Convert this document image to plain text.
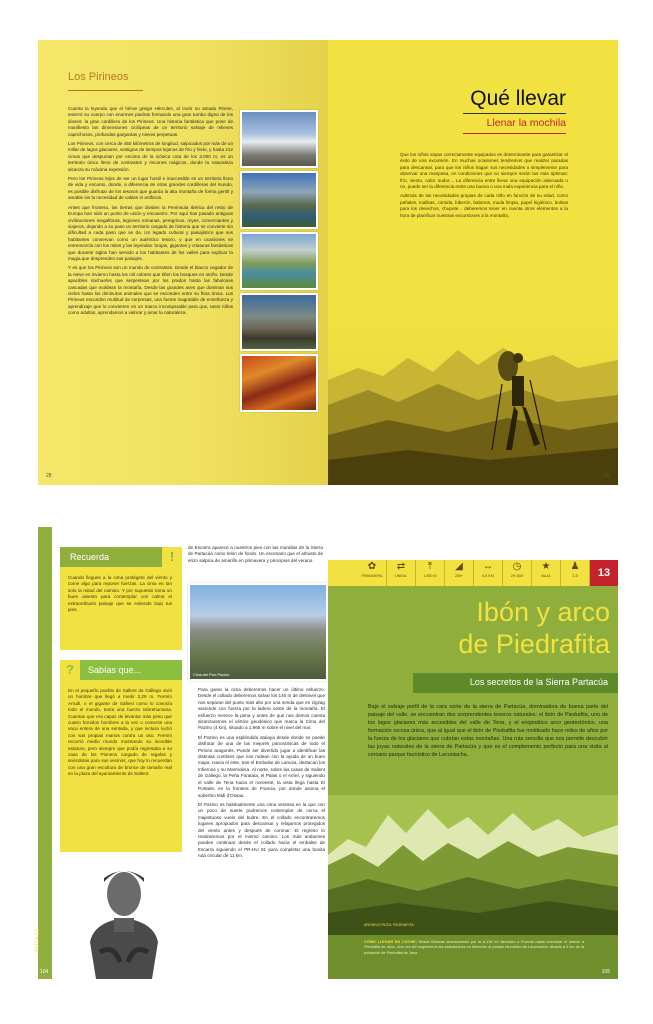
Los Pirineos

Cuenta la leyenda que el héroe griego Hércules, al morir su amada Pirene, enterró su cuerpo con enormes piedras formando una gran tumba digna de los dioses: la gran cordillera de los Pirineos. Una historia fantástica que pone de manifiesto las dimensiones ciclópeas de un territorio salvaje de relieves caprichosos, profundas gargantas y nieves perpetuas.

Los Pirineos, con cerca de 450 kilómetros de longitud, salpicados por más de un millar de lagos glaciares, vestigios de tiempos lejanos de frío y hielo, y hasta 212 cimas que despuntan por encima de la icónica cota de los 3.000 m, es un territorio único lleno de contrastes y rincones mágicos, donde la naturaleza alcanza su máxima expresión.

Pero los Pirineos lejos de ser un lugar hostil e inaccesible es un territorio lleno de vida y encanto, donde, a diferencia de otras grandes cordilleras del mundo, es posible disfrutar de los tesoros que guarda la alta montaña de forma gentil y amable sin la necesidad de cables ni artificios.

Antes que frontera, las tierras que dividen la Península Ibérica del resto de Europa han sido un punto de unión y encuentro. Por aquí han pasado antiguas civilizaciones megalíticas, legiones romanas, peregrinos, reyes, comerciantes y viajeros, dejando a su paso un territorio cargado de historia que se convierte sin dificultad a cada paso que se da. Un legado cultural y paisajístico que sus habitantes conservan como un auténtico tesoro, y que en ocasiones se entremezcla con los mitos y las leyendas: brujas, gigantes y criaturas fantásticas que durante siglos han servido a los habitantes de los valles para explicar la magia que desprenden sus paisajes.

Y es que los Pirineos son un mundo de contrastes. Desde el blanco cegador de la nieve en invierno hasta los mil colores que tiñen los bosques en otoño. Desde apacibles riachuelos que serpentean por los prados hasta las fabulosas cascadas que moldean la montaña. Desde las grandes aves que dominan sus cielos hasta los diminutos animales que se esconden entre su flora única. Los Pirineos esconden multitud de sorpresas, una fuente inagotable de enseñanza y aprendizaje que lo convierten en un marco incomparable para que, tanto niños como adultos, aprendamos a valorar y amar la naturaleza.

28
Qué llevar
Llenar la mochila

Que los niños vayan correctamente equipados es determinante para garantizar el éxito de una excursión. En muchas ocasiones tendremos que realizar paradas para descansar, para que los niños hagan sus necesidades o simplemente para observar una mariposa, en condiciones que no siempre serán las más óptimas: frío, viento, calor, sudor.... La diferencia entre llevar una equipación adecuada o no, puede ser la diferencia entre una buena o una mala experiencia para el niño.

Además de las necesidades propias de cada niño en función de su edad, como pañales, toallitas, comida, biberón, baberos, muda limpia, papel higiénico, bolsas para los desechos, chupete... deberemos tener en cuenta otros elementos a la hora de planificar nuestras excursiones a la montaña.

29
RUTA 12
Recuerda	!

Cuando llegues a la cima protégete del viento y come algo para reponer fuerzas. La cima es tan solo la mitad del camino. Y por supuesto toma un buen asiento para contemplar con calma el extraordinario paisaje que se extiende bajo tus pies.

?	Sabías que...

En el pequeño pueblo de Sallent de Gállego vivió un hombre que llegó a medir 2,29 m. Fermín Arrudi, o el gigante de Sallent como lo conocía todo el mundo, tenía una fuerza sobrehumana. Cuentan que era capaz de levantar más peso que cuatro fornidos hombres a la vez o comerse una vaca entera de una sentada, y que incluso luchó con sus propias manos contra un oso. Fermín recorrió medio mundo mostrando su increíble estatura, pero siempre que podía regresaba a su casa de los Pirineos cargado de regalos y anécdotas para sus vecinos, que hoy lo recuerdan con una gran escultura de bronce de tamaño real en la plaza del ayuntamiento de Sallent.

de Escarra aparece a nuestros pies con las murallas de la Sierra de Partacúa como telón de fondo. Un escenario que el arbusto de erizo salpica de amarillo en primavera y principios del verano.

Cima del Pico Pazino

Para ganar la cima deberemos hacer un último esfuerzo. Desde el collado deberemos salvar los 140 m de desnivel que nos separan del punto más alto por una senda que en zigzag asciende con fuerza por la ladera oeste de la montaña. El esfuerzo merece la pena y antes de que nos demos cuenta alcanzaremos el vértice geodésico que marca la Cima del Pazino (4 km), situado a 1.965 m sobre el nivel del mar.

El Pazino es una espléndida atalaya desde donde se puede disfrutar de una de las mejores panorámicas de todo el Pirineo aragonés. Puede ser divertido jugar a identificar las distintas cumbres que nos rodean con la ayuda de un buen mapa. Hacia el este, tras el Embalse de Lanuza, destacan los Infiernos y su Marmolera. Al norte, sobre las casas de Sallent de Gállego, la Peña Foratata, el Palas o el Arriel, y siguiendo el valle de Tena hacia el noroeste, la vista llega hasta El Portalet, en la frontera de Francia, por donde asoma el soberbio Midi d'Ossau.

El Pazino es habitualmente una cima ventosa en la que con un poco de suerte podremos contemplar de cerca el majestuoso vuelo del buitre. En el collado encontraremos lugares apropiados para descansar y relajarnos protegidos del viento antes y después de coronar. El regreso lo realizaremos por el mismo camino. Los más andarines pueden continuar desde el collado hacia el embalse de Escarra siguiendo el PR-HU 91 para completar una bonita ruta circular de 11 km.

104
13
Ibón y arco
de Piedrafita
Los secretos de la Sierra Partacúa

Bajo el salvaje perfil de la cara norte de la sierra de Partacúa, dominadora de buena parte del paisaje del valle, se encuentran dos sorprendentes tesoros naturales: el ibón de Piedrafita, uno de los lagos glaciares más accesibles del valle de Tena, y el enigmático arco geotectónico, una formación rocosa única, que al igual que el ibón de Piedrafita fue moldeado hace miles de años por la fuerza de los glaciares que cubrían estas montañas. Una ruta sencilla que nos permite descubrir las joyas naturales de la sierra de Partacúa y que es el complemento perfecto para una visita al cercano parque faunístico de Lacuniacha.

ARCHIVO RUTA: PIEDRAFITA

CÓMO LLEGAR EN COCHE: Desde Biescas avanzaremos por la A-136 en dirección a Francia hasta encontrar el desvío a Piedrafita de Jaca. Una vez allí seguiremos las indicaciones en dirección al parque faunístico de Lacuniacha, situado a 2 km de la población de Piedrafita de Jaca.

105
✿
PRIMAVERA
⇄
LINEAL
⤒
1.650 M
◢
250+
↔
6,5 KM
◷
2H 30M
★
BAJA
♟
3-5
